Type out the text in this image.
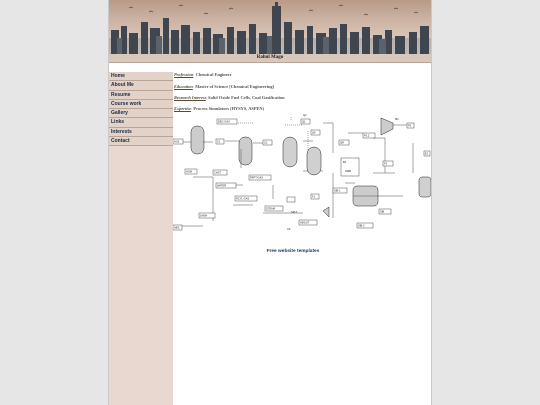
Rahul Mago
Home
About Me
Resume
Course work
Gallery
Links
Interests
Contact
Profession: Chemical Engineer
Education: Master of Science [Chemical Engineering]
Research Interest: Solid Oxide Fuel Cells, Coal Gasification
Expertise: Process Simulators (HYSYS, ASPEN)
DEC-GAS
C1	C2
C3
Q1
Q2
Q4
QR
P2
P3
P3.2
M2
HOM	CHST
WATER
RFPT-GAS
RCYL-GAS
STEAM
SPLT
F1
HDOUT
SBI
SBI-1
SBI-2
SHSH
NES
HUZ
B1
SWB
E1
Free website templates
